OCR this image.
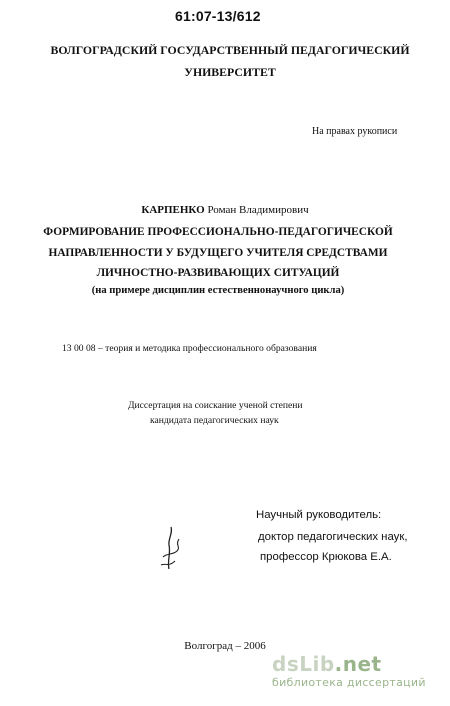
61:07-13/612
ВОЛГОГРАДСКИЙ ГОСУДАРСТВЕННЫЙ ПЕДАГОГИЧЕСКИЙ
УНИВЕРСИТЕТ
На правах рукописи
КАРПЕНКО Роман Владимирович
ФОРМИРОВАНИЕ ПРОФЕССИОНАЛЬНО-ПЕДАГОГИЧЕСКОЙ
НАПРАВЛЕННОСТИ У БУДУЩЕГО УЧИТЕЛЯ СРЕДСТВАМИ
ЛИЧНОСТНО-РАЗВИВАЮЩИХ СИТУАЦИЙ
(на примере дисциплин естественнонаучного цикла)
13 00 08 – теория и методика профессионального образования
Диссертация на соискание ученой степени
кандидата педагогических наук
Научный руководитель:
доктор педагогических наук,
профессор Крюкова Е.А.
Волгоград – 2006
dsLib.net
библиотека диссертаций
